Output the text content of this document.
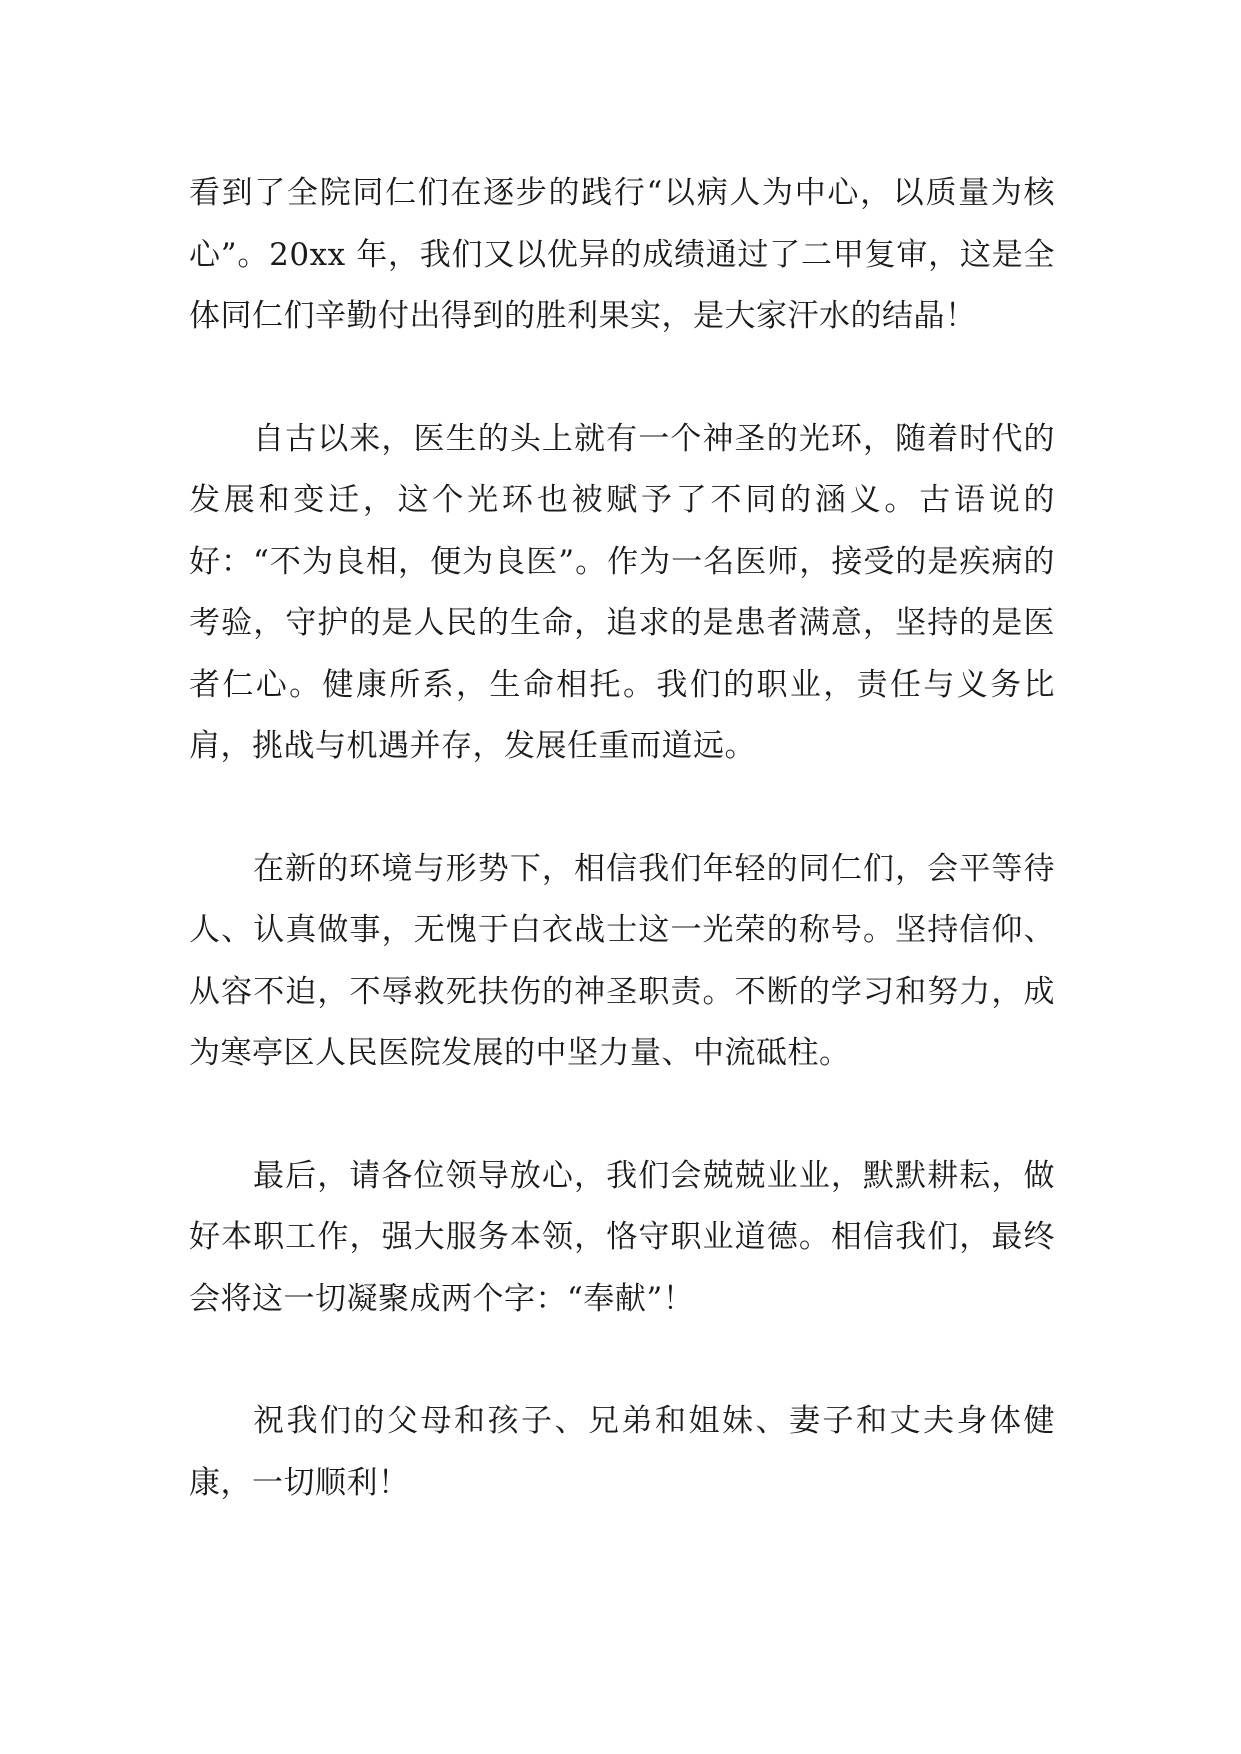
看到了全院同仁们在逐步的践行“以病人为中心，以质量为核心”。20xx 年，我们又以优异的成绩通过了二甲复审，这是全体同仁们辛勤付出得到的胜利果实，是大家汗水的结晶！

自古以来，医生的头上就有一个神圣的光环，随着时代的发展和变迁，这个光环也被赋予了不同的涵义。古语说的好：“不为良相，便为良医”。作为一名医师，接受的是疾病的考验，守护的是人民的生命，追求的是患者满意，坚持的是医者仁心。健康所系，生命相托。我们的职业，责任与义务比肩，挑战与机遇并存，发展任重而道远。

在新的环境与形势下，相信我们年轻的同仁们，会平等待人、认真做事，无愧于白衣战士这一光荣的称号。坚持信仰、从容不迫，不辱救死扶伤的神圣职责。不断的学习和努力，成为寒亭区人民医院发展的中坚力量、中流砥柱。

最后，请各位领导放心，我们会兢兢业业，默默耕耘，做好本职工作，强大服务本领，恪守职业道德。相信我们，最终会将这一切凝聚成两个字：“奉献”！

祝我们的父母和孩子、兄弟和姐妹、妻子和丈夫身体健康，一切顺利！
